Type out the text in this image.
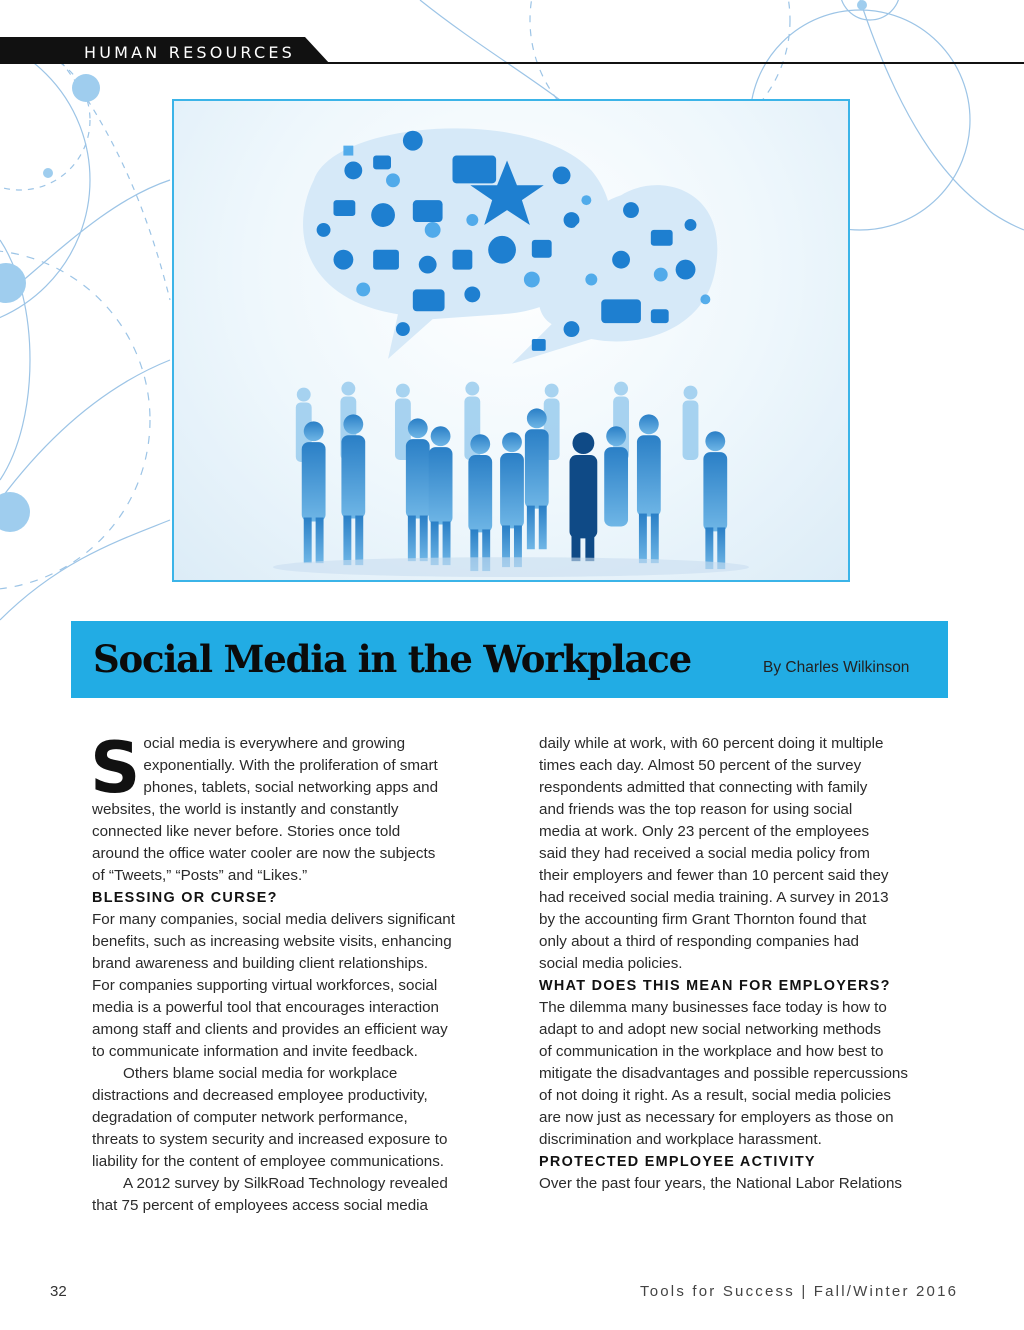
HUMAN RESOURCES
Social Media in the Workplace	By Charles Wilkinson
S ocial media is everywhere and growing
exponentially. With the proliferation of smart
phones, tablets, social networking apps and
websites, the world is instantly and constantly
connected like never before. Stories once told
around the office water cooler are now the subjects
of “Tweets,” “Posts” and “Likes.”

BLESSING OR CURSE?

For many companies, social media delivers significant
benefits, such as increasing website visits, enhancing
brand awareness and building client relationships.
For companies supporting virtual workforces, social
media is a powerful tool that encourages interaction
among staff and clients and provides an efficient way
to communicate information and invite feedback.
Others blame social media for workplace
distractions and decreased employee productivity,
degradation of computer network performance,
threats to system security and increased exposure to
liability for the content of employee communications.
A 2012 survey by SilkRoad Technology revealed
that 75 percent of employees access social media
daily while at work, with 60 percent doing it multiple
times each day. Almost 50 percent of the survey
respondents admitted that connecting with family
and friends was the top reason for using social
media at work. Only 23 percent of the employees
said they had received a social media policy from
their employers and fewer than 10 percent said they
had received social media training. A survey in 2013
by the accounting firm Grant Thornton found that
only about a third of responding companies had
social media policies.

WHAT DOES THIS MEAN FOR EMPLOYERS?

The dilemma many businesses face today is how to
adapt to and adopt new social networking methods
of communication in the workplace and how best to
mitigate the disadvantages and possible repercussions
of not doing it right. As a result, social media policies
are now just as necessary for employers as those on
discrimination and workplace harassment.

PROTECTED EMPLOYEE ACTIVITY

Over the past four years, the National Labor Relations
32	Tools for Success | Fall/Winter 2016
